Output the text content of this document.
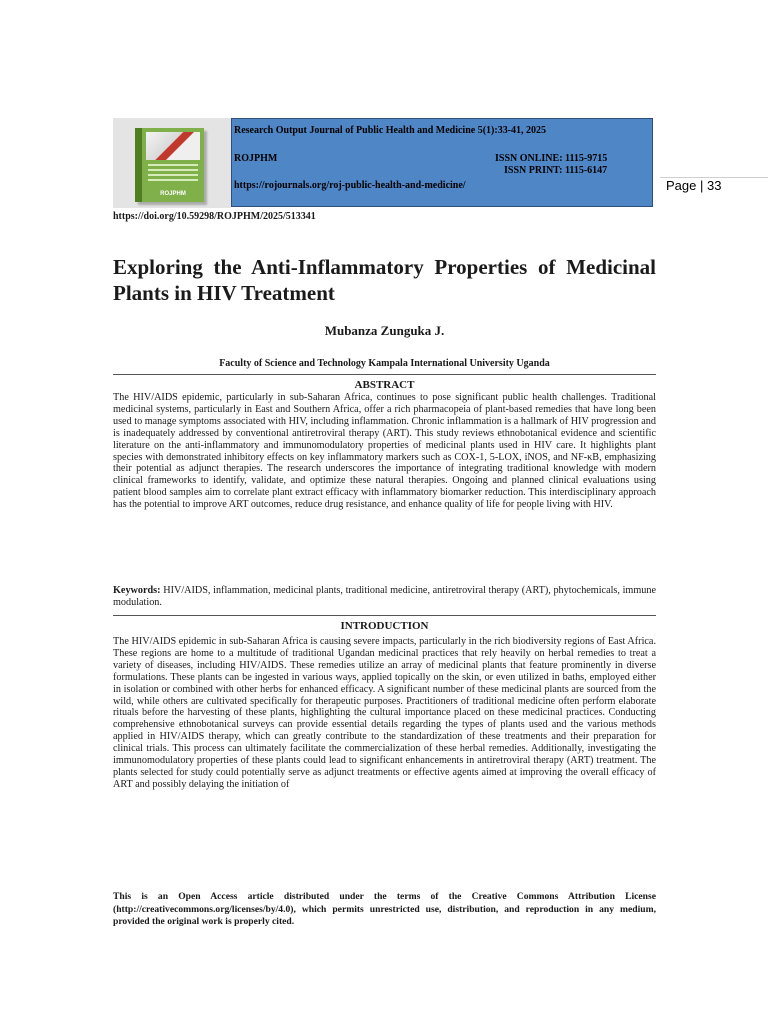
ROJPHM
Research Output Journal of Public Health and Medicine 5(1):33-41, 2025
ROJPHM	ISSN ONLINE: 1115-9715
ISSN PRINT: 1115-6147
https://rojournals.org/roj-public-health-and-medicine/	Page | 33
https://doi.org/10.59298/ROJPHM/2025/513341
Exploring the Anti-Inflammatory Properties of Medicinal Plants in HIV Treatment
Mubanza Zunguka J.
Faculty of Science and Technology Kampala International University Uganda
ABSTRACT

The HIV/AIDS epidemic, particularly in sub-Saharan Africa, continues to pose significant public health challenges. Traditional medicinal systems, particularly in East and Southern Africa, offer a rich pharmacopeia of plant-based remedies that have long been used to manage symptoms associated with HIV, including inflammation. Chronic inflammation is a hallmark of HIV progression and is inadequately addressed by conventional antiretroviral therapy (ART). This study reviews ethnobotanical evidence and scientific literature on the anti-inflammatory and immunomodulatory properties of medicinal plants used in HIV care. It highlights plant species with demonstrated inhibitory effects on key inflammatory markers such as COX-1, 5-LOX, iNOS, and NF-κB, emphasizing their potential as adjunct therapies. The research underscores the importance of integrating traditional knowledge with modern clinical frameworks to identify, validate, and optimize these natural therapies. Ongoing and planned clinical evaluations using patient blood samples aim to correlate plant extract efficacy with inflammatory biomarker reduction. This interdisciplinary approach has the potential to improve ART outcomes, reduce drug resistance, and enhance quality of life for people living with HIV.

Keywords: HIV/AIDS, inflammation, medicinal plants, traditional medicine, antiretroviral therapy (ART), phytochemicals, immune modulation.

INTRODUCTION

The HIV/AIDS epidemic in sub-Saharan Africa is causing severe impacts, particularly in the rich biodiversity regions of East Africa. These regions are home to a multitude of traditional Ugandan medicinal practices that rely heavily on herbal remedies to treat a variety of diseases, including HIV/AIDS. These remedies utilize an array of medicinal plants that feature prominently in diverse formulations. These plants can be ingested in various ways, applied topically on the skin, or even utilized in baths, employed either in isolation or combined with other herbs for enhanced efficacy. A significant number of these medicinal plants are sourced from the wild, while others are cultivated specifically for therapeutic purposes. Practitioners of traditional medicine often perform elaborate rituals before the harvesting of these plants, highlighting the cultural importance placed on these medicinal practices. Conducting comprehensive ethnobotanical surveys can provide essential details regarding the types of plants used and the various methods applied in HIV/AIDS therapy, which can greatly contribute to the standardization of these treatments and their preparation for clinical trials. This process can ultimately facilitate the commercialization of these herbal remedies. Additionally, investigating the immunomodulatory properties of these plants could lead to significant enhancements in antiretroviral therapy (ART) treatment. The plants selected for study could potentially serve as adjunct treatments or effective agents aimed at improving the overall efficacy of ART and possibly delaying the initiation of

This is an Open Access article distributed under the terms of the Creative Commons Attribution License (http://creativecommons.org/licenses/by/4.0), which permits unrestricted use, distribution, and reproduction in any medium, provided the original work is properly cited.
